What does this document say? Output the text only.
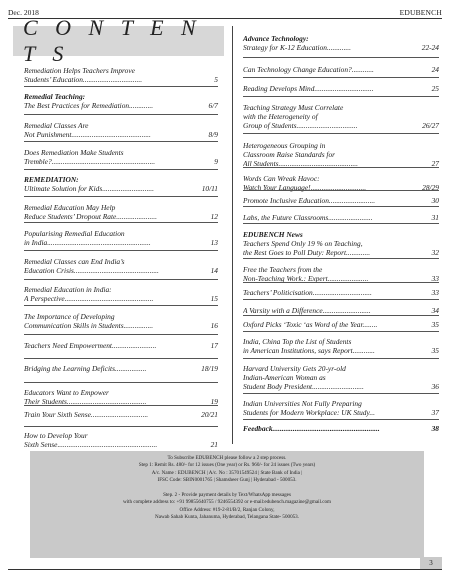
Dec. 2018	EDUBENCH
C O N T E N T S
Remediation Helps Teachers Improve
Students’ Education................................	5
Remedial Teaching:
The Best Practices for Remediation.............	6/7
Remedial Classes Are
Not Punishment...........................................	8/9
Does Remediation Make Students
Tremble?........................................................	9
REMEDIATION:
Ultimate Solution for Kids............................	10/11
Remedial Education May Help
Reduce Students’ Dropout Rate......................	12
Popularising Remedial Education
in India........................................................	13
Remedial Classes can End India’s
Education Crisis..............................................	14
Remedial Education in India:
A Perspective................................................	15
The Importance of Developing
Communication Skills in Students................	16
Teachers Need Empowerment........................	17
Bridging the Learning Deficits.................	18/19
Educators Want to Empower
Their Students...........................................	19
Train Your Sixth Sense...............................	20/21
How to Develop Your
Sixth Sense......................................................	21
Advance Technology:
Strategy for K-12 Education.............	22-24
Can Technology Change Education?............	24
Reading Develops Mind................................	25
Teaching Strategy Must Correlate
with the Heterogeneity of
Group of Students.................................	26/27
Heterogeneous Grouping in
Classroom Raise Standards for
All Students...........................................	27
Words Can Wreak Havoc:
Watch Your Language!..............................	28/29
Promote Inclusive Education.........................	30
Labs, the Future Classrooms........................	31
EDUBENCH News
Teachers Spend Only 19 % on Teaching,
the Rest Goes to Poll Duty: Report.............	32
Free the Teachers from the
Non-Teaching Work.: Expert......................	33
Teachers’ Politicisation................................	33
A Varsity with a Difference..........................	34
Oxford Picks ‘Toxic ‘as Word of the Year........	35
India, China Top the List of Students
in American Institutions, says Report............	35
Harvard University Gets 20-yr-old
Indian-American Woman as
Student Body President............................	36
Indian Universities Not Fully Preparing
Students for Modern Workplace: UK Study...	37
Feedback..........................................................	38
To Subscribe EDUBENCH please follow a 2 step process.
Step 1: Remit Rs. 480/- for 12 issues (One year) or Rs. 960/- for 24 issues (Two years)
A/c. Name : EDUBENCH | A/c. No : 35701549524 | State Bank of India |
IFSC Code: SBIN0001765 | Shamsheer Gunj | Hyderabad - 500053.

Step. 2 - Provide payment details by Text/WhatsApp messages
with complete address to: +91 99855640755 / 9246554392 or e-mail:edubench.magazine@gmail.com
Office Address: #19-2-81/B/2, Ranjan Colony,
Nawab Sahab Kunta, Jahanuma, Hyderabad, Telangana State- 500053.
3
